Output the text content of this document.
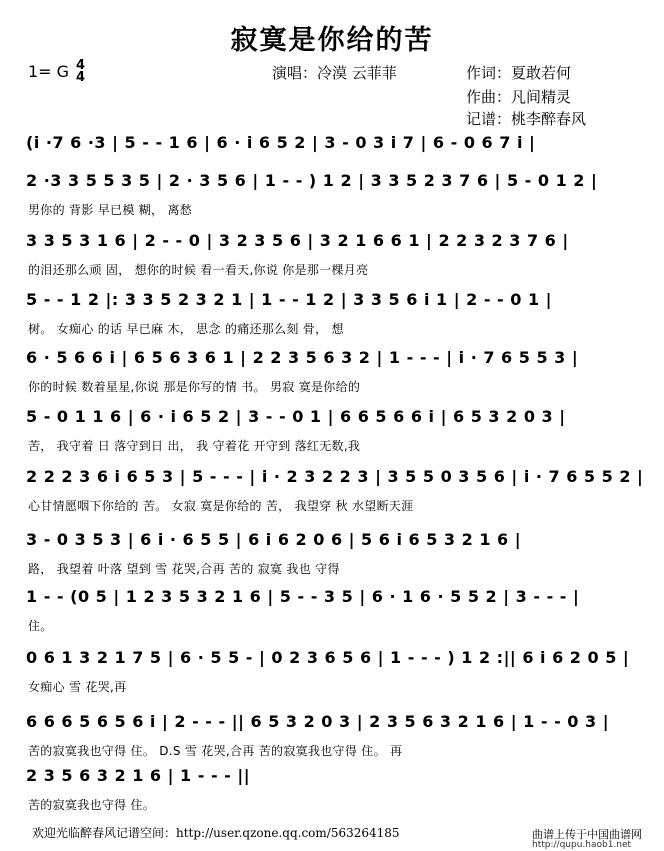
寂寞是你给的苦
1= G 4
4	演唱：冷漠 云菲菲	作词：夏敢若何
作曲：凡间精灵
记谱：桃李醉春风
(i ·7 6 ·3 | 5 - - 1 6 | 6 · i 6 5 2 | 3 - 0 3 i 7 | 6 - 0 6 7 i |
2 ·3 3 5 5 3 5 | 2 · 3 5 6 | 1 - - ) 1 2 | 3 3 5 2 3 7 6 | 5 - 0 1 2 |
男你的 背影 早已模 糊， 离愁
3 3 5 3 1 6 | 2 - - 0 | 3 2 3 5 6 | 3 2 1 6 6 1 | 2 2 3 2 3 7 6 |
的泪还那么顽 固， 想你的时候 看一看天,你说 你是那一棵月亮
5 - - 1 2 |: 3 3 5 2 3 2 1 | 1 - - 1 2 | 3 3 5 6 i 1 | 2 - - 0 1 |
树。 女痴心 的话 早已麻 木， 思念 的痛还那么刻 骨， 想
6 · 5 6 6 i | 6 5 6 3 6 1 | 2 2 3 5 6 3 2 | 1 - - - | i · 7 6 5 5 3 |
你的时候 数着星星,你说 那是你写的情 书。 男寂 寞是你给的
5 - 0 1 1 6 | 6 · i 6 5 2 | 3 - - 0 1 | 6 6 5 6 6 i | 6 5 3 2 0 3 |
苦， 我守着 日 落守到日 出， 我 守着花 开守到 落红无数,我
2 2 2 3 6 i 6 5 3 | 5 - - - | i · 2 3 2 2 3 | 3 5 5 0 3 5 6 | i · 7 6 5 5 2 |
心甘情愿咽下你给的 苦。 女寂 寞是你给的 苦， 我望穿 秋 水望断天涯
3 - 0 3 5 3 | 6 i · 6 5 5 | 6 i 6 2 0 6 | 5 6 i 6 5 3 2 1 6 |
路， 我望着 叶落 望到 雪 花哭,合再 苦的 寂寞 我也 守得
1 - - (0 5 | 1 2 3 5 3 2 1 6 | 5 - - 3 5 | 6 · 1 6 · 5 5 2 | 3 - - - |
住。
0 6 1 3 2 1 7 5 | 6 · 5 5 - | 0 2 3 6 5 6 | 1 - - - ) 1 2 :|| 6 i 6 2 0 5 |
女痴心 雪 花哭,再
6 6 6 5 6 5 6 i | 2 - - - || 6 5 3 2 0 3 | 2 3 5 6 3 2 1 6 | 1 - - 0 3 |
苦的寂寞我也守得 住。 D.S 雪 花哭,合再 苦的寂寞我也守得 住。 再
2 3 5 6 3 2 1 6 | 1 - - - ||
苦的寂寞我也守得 住。
欢迎光临醉春风记谱空间：http://user.qzone.qq.com/563264185	曲谱上传于中国曲谱网
http://qupu.haob1.net
